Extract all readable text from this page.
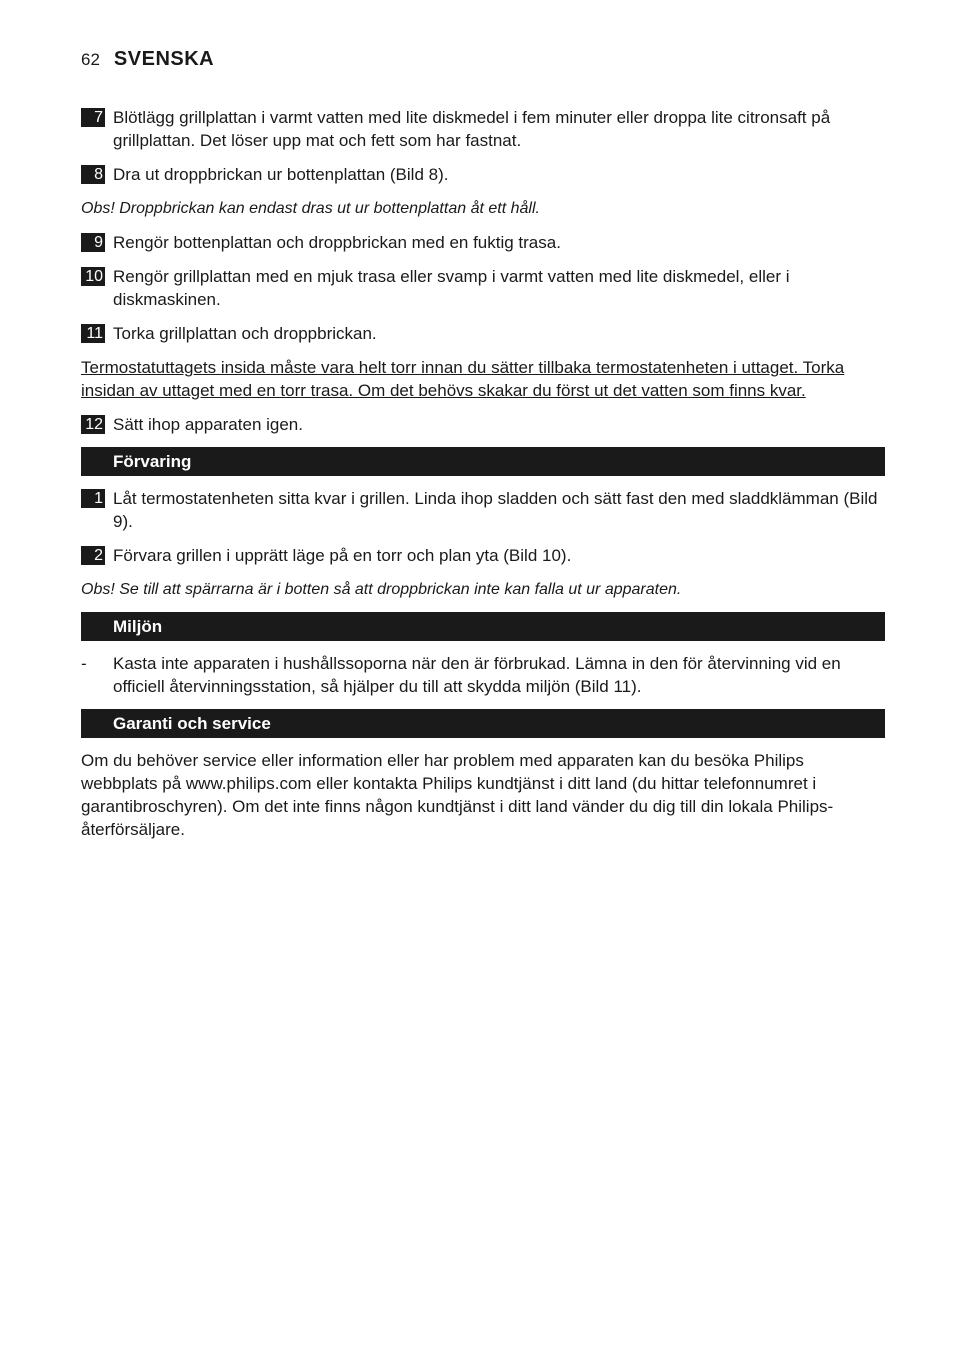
62 SVENSKA
7 Blötlägg grillplattan i varmt vatten med lite diskmedel i fem minuter eller droppa lite citronsaft på grillplattan. Det löser upp mat och fett som har fastnat.
8 Dra ut droppbrickan ur bottenplattan (Bild 8).
Obs! Droppbrickan kan endast dras ut ur bottenplattan åt ett håll.
9 Rengör bottenplattan och droppbrickan med en fuktig trasa.
10 Rengör grillplattan med en mjuk trasa eller svamp i varmt vatten med lite diskmedel, eller i diskmaskinen.
11 Torka grillplattan och droppbrickan.
Termostatuttagets insida måste vara helt torr innan du sätter tillbaka termostatenheten i uttaget. Torka insidan av uttaget med en torr trasa. Om det behövs skakar du först ut det vatten som finns kvar.
12 Sätt ihop apparaten igen.
Förvaring
1 Låt termostatenheten sitta kvar i grillen. Linda ihop sladden och sätt fast den med sladdklämman (Bild 9).
2 Förvara grillen i upprätt läge på en torr och plan yta (Bild 10).
Obs! Se till att spärrarna är i botten så att droppbrickan inte kan falla ut ur apparaten.
Miljön
-	Kasta inte apparaten i hushållssoporna när den är förbrukad. Lämna in den för återvinning vid en officiell återvinningsstation, så hjälper du till att skydda miljön (Bild 11).
Garanti och service
Om du behöver service eller information eller har problem med apparaten kan du besöka Philips webbplats på www.philips.com eller kontakta Philips kundtjänst i ditt land (du hittar telefonnumret i garantibroschyren). Om det inte finns någon kundtjänst i ditt land vänder du dig till din lokala Philips-återförsäljare.
